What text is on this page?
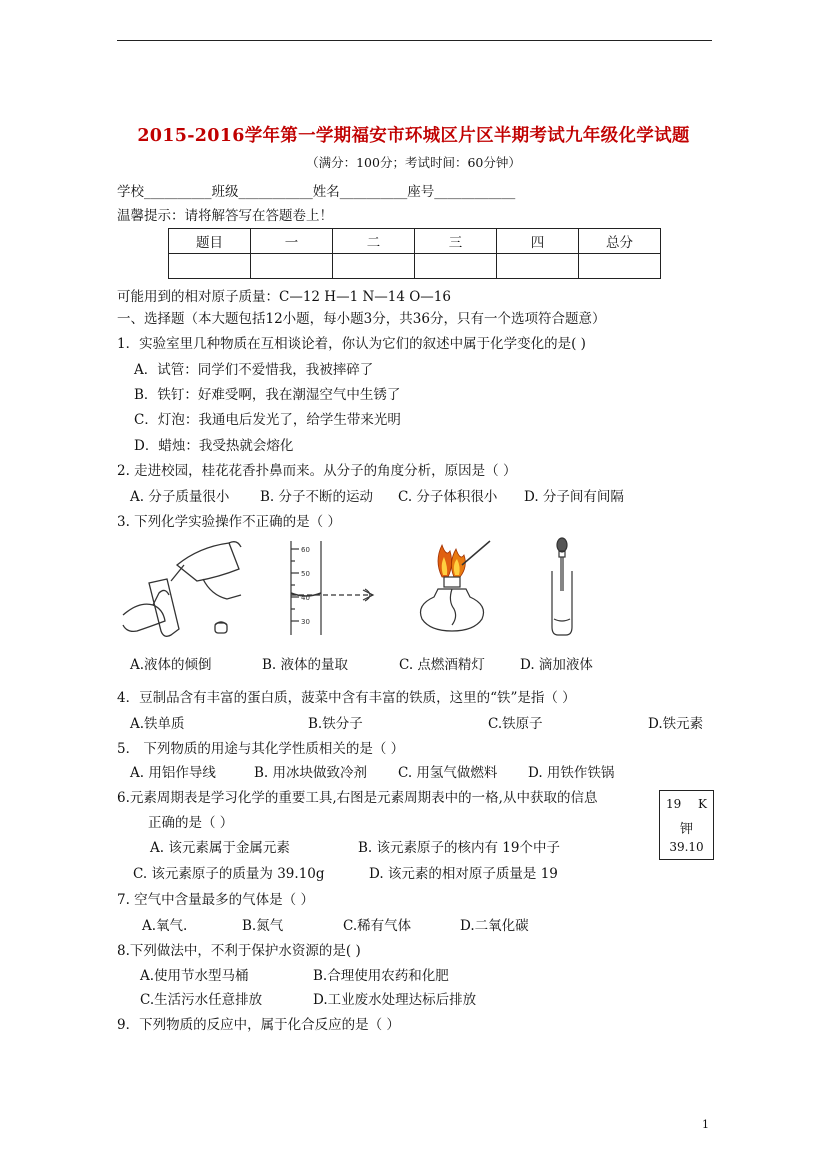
2015-2016学年第一学期福安市环城区片区半期考试九年级化学试题
（满分：100分；考试时间：60分钟）
学校__________班级___________姓名__________座号____________
温馨提示：请将解答写在答题卷上！
题目	一	二	三	四	总分

可能用到的相对原子质量：C—12 H—1 N—14 O—16
一、选择题（本大题包括12小题，每小题3分，共36分，只有一个选项符合题意）
1．实验室里几种物质在互相谈论着，你认为它们的叙述中属于化学变化的是( )
A．试管：同学们不爱惜我，我被摔碎了
B．铁钉：好难受啊，我在潮湿空气中生锈了
C．灯泡：我通电后发光了，给学生带来光明
D．蜡烛：我受热就会熔化
2. 走进校园，桂花花香扑鼻而来。从分子的角度分析，原因是（ ）
A. 分子质量很小 B. 分子不断的运动 C. 分子体积很小 D. 分子间有间隔
3. 下列化学实验操作不正确的是（ ）
60
50
40
30
A.液体的倾倒	B. 液体的量取	C. 点燃酒精灯	D. 滴加液体
4．豆制品含有丰富的蛋白质，菠菜中含有丰富的铁质，这里的“铁”是指（ ）
A.铁单质	B.铁分子	C.铁原子	D.铁元素
5． 下列物质的用途与其化学性质相关的是（ ）
A. 用铝作导线	B. 用冰块做致冷剂 C. 用氢气做燃料 D. 用铁作铁锅
6.元素周期表是学习化学的重要工具,右图是元素周期表中的一格,从中获取的信息
正确的是（ ）
A. 该元素属于金属元素	B. 该元素原子的核内有 19个中子
C. 该元素原子的质量为 39.10g	D. 该元素的相对原子质量是 19
19 K
钾
39.10
7. 空气中含量最多的气体是（ ）
A.氧气.	B.氮气	C.稀有气体	D.二氧化碳
8.下列做法中，不利于保护水资源的是( )
A.使用节水型马桶	B.合理使用农药和化肥
C.生活污水任意排放	D.工业废水处理达标后排放
9．下列物质的反应中，属于化合反应的是（ ）
1
